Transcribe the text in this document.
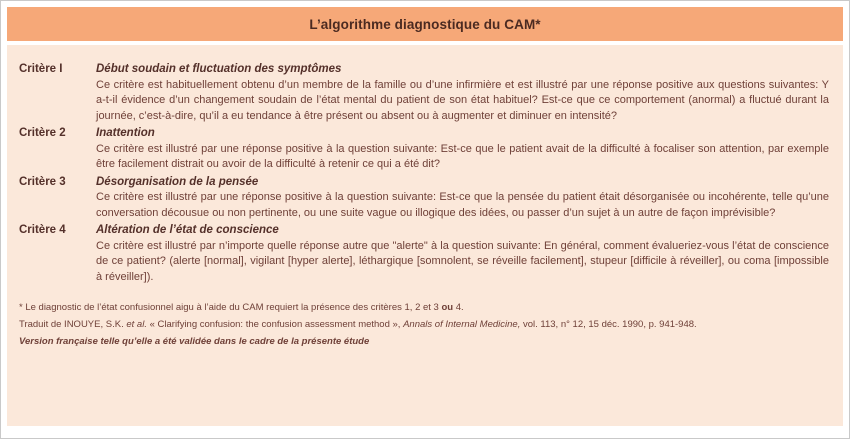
L’algorithme diagnostique du CAM*
Critère I	Début soudain et fluctuation des symptômes
Ce critère est habituellement obtenu d’un membre de la famille ou d’une infirmière et est illustré par une réponse positive aux questions suivantes: Y a-t-il évidence d’un changement soudain de l’état mental du patient de son état habituel? Est-ce que ce comportement (anormal) a fluctué durant la journée, c’est-à-dire, qu’il a eu tendance à être présent ou absent ou à augmenter et diminuer en intensité?
Critère 2	Inattention
Ce critère est illustré par une réponse positive à la question suivante: Est-ce que le patient avait de la difficulté à focaliser son attention, par exemple être facilement distrait ou avoir de la difficulté à retenir ce qui a été dit?
Critère 3	Désorganisation de la pensée
Ce critère est illustré par une réponse positive à la question suivante: Est-ce que la pensée du patient était désorganisée ou incohérente, telle qu’une conversation décousue ou non pertinente, ou une suite vague ou illogique des idées, ou passer d’un sujet à un autre de façon imprévisible?
Critère 4	Altération de l’état de conscience
Ce critère est illustré par n’importe quelle réponse autre que "alerte" à la question suivante: En général, comment évalueriez-vous l’état de conscience de ce patient? (alerte [normal], vigilant [hyper alerte], léthargique [somnolent, se réveille facilement], stupeur [difficile à réveiller], ou coma [impossible à réveiller]).
* Le diagnostic de l’état confusionnel aigu à l’aide du CAM requiert la présence des critères 1, 2 et 3 ou 4.
Traduit de INOUYE, S.K. et al. « Clarifying confusion: the confusion assessment method », Annals of Internal Medicine, vol. 113, n° 12, 15 déc. 1990, p. 941-948.
Version française telle qu’elle a été validée dans le cadre de la présente étude
